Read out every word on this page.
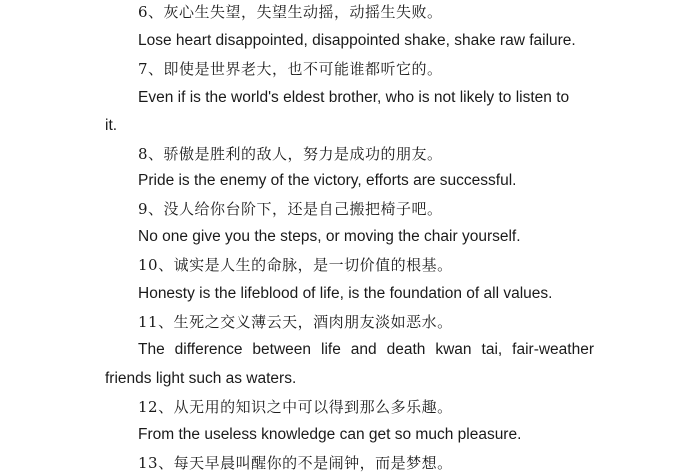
6、灰心生失望，失望生动摇，动摇生失败。
Lose heart disappointed, disappointed shake, shake raw failure.
7、即使是世界老大，也不可能谁都听它的。
Even if is the world's eldest brother, who is not likely to listen to
it.
8、骄傲是胜利的敌人，努力是成功的朋友。
Pride is the enemy of the victory, efforts are successful.
9、没人给你台阶下，还是自己搬把椅子吧。
No one give you the steps, or moving the chair yourself.
10、诚实是人生的命脉，是一切价值的根基。
Honesty is the lifeblood of life, is the foundation of all values.
11、生死之交义薄云天，酒肉朋友淡如恶水。
The difference between life and death kwan tai, fair-weather
friends light such as waters.
12、从无用的知识之中可以得到那么多乐趣。
From the useless knowledge can get so much pleasure.
13、每天早晨叫醒你的不是闹钟，而是梦想。
